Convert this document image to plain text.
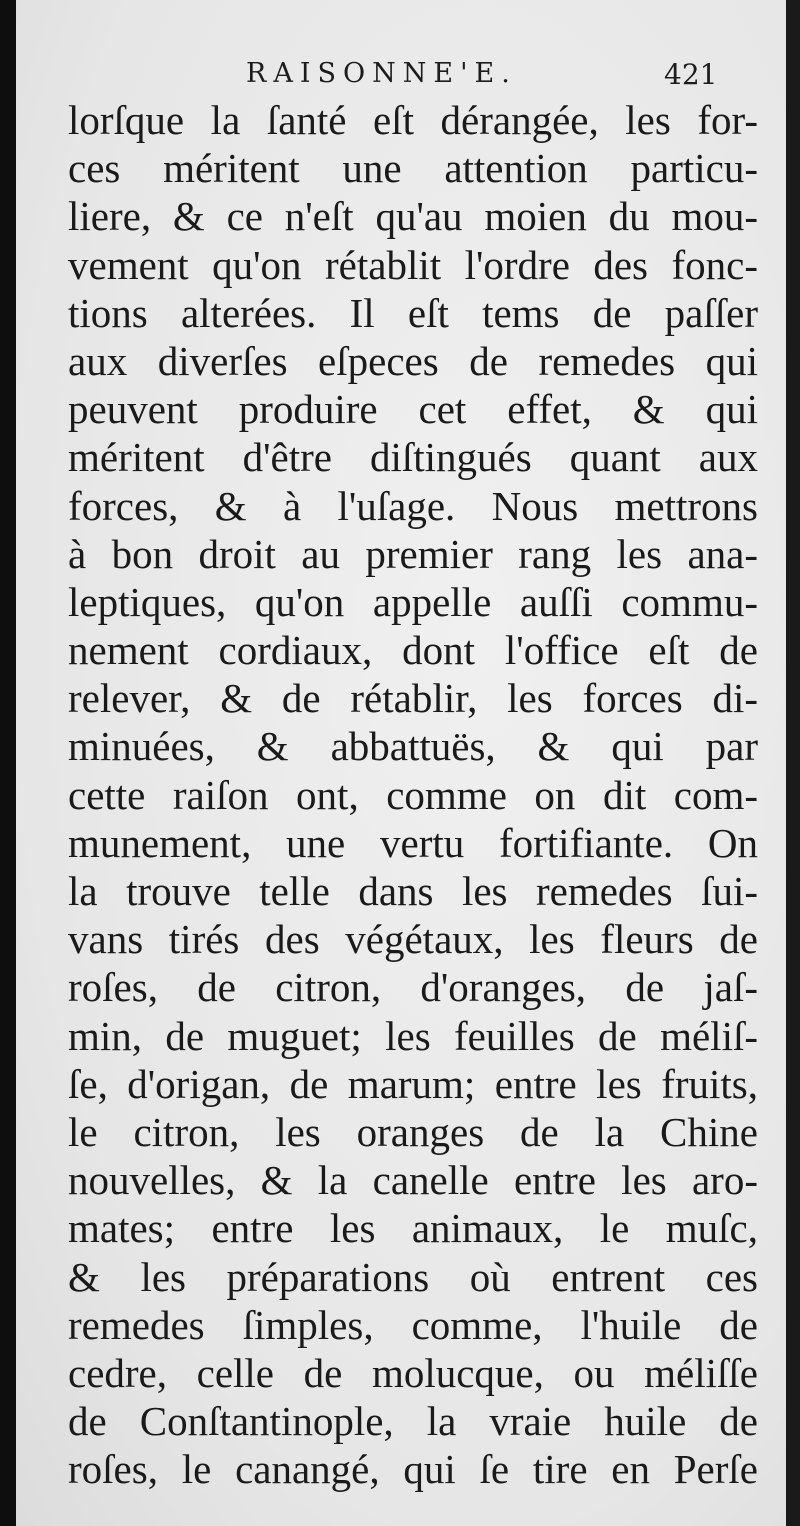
RAISONNE'E.	421
lorſque la ſanté eſt dérangée, les for-
ces méritent une attention particu-
liere, & ce n'eſt qu'au moien du mou-
vement qu'on rétablit l'ordre des fonc-
tions alterées. Il eſt tems de paſſer
aux diverſes eſpeces de remedes qui
peuvent produire cet effet, & qui
méritent d'être diſtingués quant aux
forces, & à l'uſage. Nous mettrons
à bon droit au premier rang les ana-
leptiques, qu'on appelle auſſi commu-
nement cordiaux, dont l'office eſt de
relever, & de rétablir, les forces di-
minuées, & abbattuës, & qui par
cette raiſon ont, comme on dit com-
munement, une vertu fortifiante. On
la trouve telle dans les remedes ſui-
vans tirés des végétaux, les fleurs de
roſes, de citron, d'oranges, de jaſ-
min, de muguet; les feuilles de méliſ-
ſe, d'origan, de marum; entre les fruits,
le citron, les oranges de la Chine
nouvelles, & la canelle entre les aro-
mates; entre les animaux, le muſc,
& les préparations où entrent ces
remedes ſimples, comme, l'huile de
cedre, celle de molucque, ou méliſſe
de Conſtantinople, la vraie huile de
roſes, le canangé, qui ſe tire en Perſe
